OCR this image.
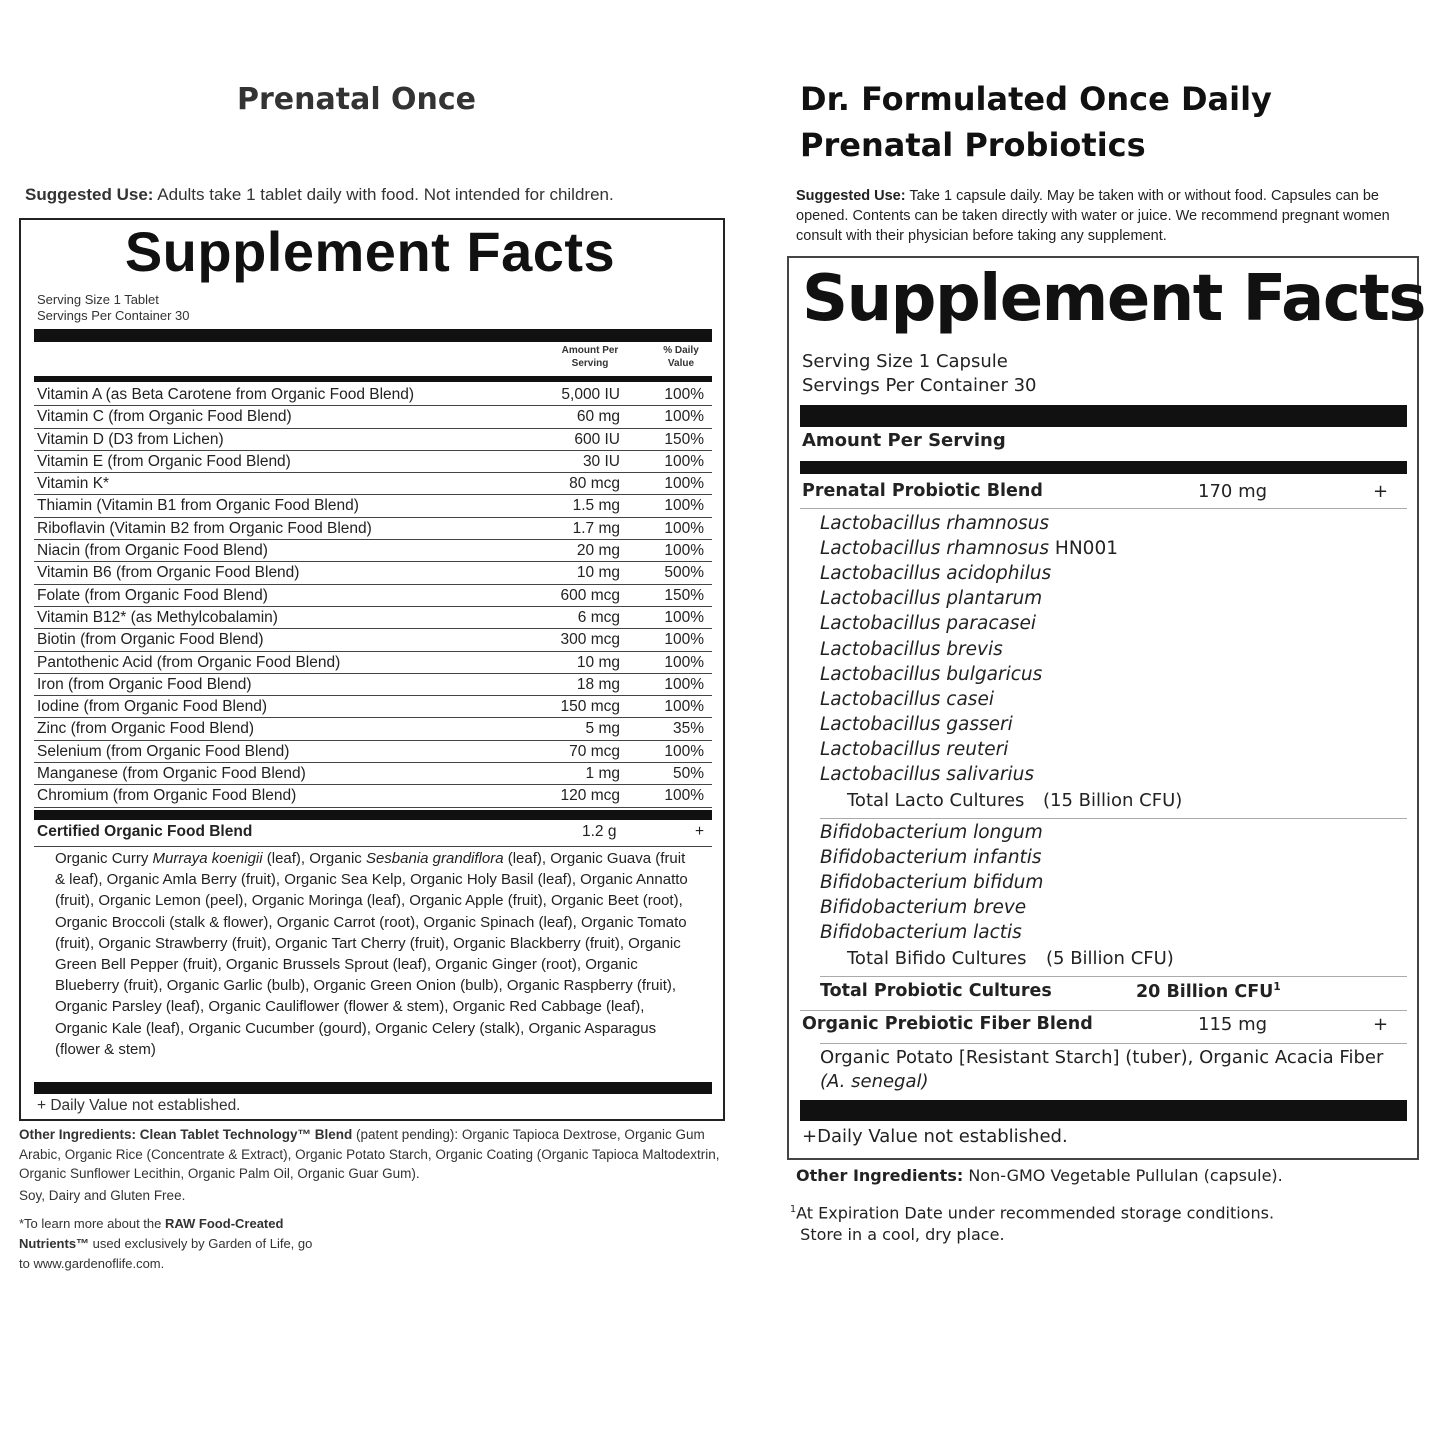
Prenatal Once
Suggested Use: Adults take 1 tablet daily with food. Not intended for children.
Supplement Facts
Serving Size 1 Tablet
Servings Per Container 30
Amount Per Serving
% Daily Value
Vitamin A (as Beta Carotene from Organic Food Blend)	5,000 IU	100%
Vitamin C (from Organic Food Blend)	60 mg	100%
Vitamin D (D3 from Lichen)	600 IU	150%
Vitamin E (from Organic Food Blend)	30 IU	100%
Vitamin K*	80 mcg	100%
Thiamin (Vitamin B1 from Organic Food Blend)	1.5 mg	100%
Riboflavin (Vitamin B2 from Organic Food Blend)	1.7 mg	100%
Niacin (from Organic Food Blend)	20 mg	100%
Vitamin B6 (from Organic Food Blend)	10 mg	500%
Folate (from Organic Food Blend)	600 mcg	150%
Vitamin B12* (as Methylcobalamin)	6 mcg	100%
Biotin (from Organic Food Blend)	300 mcg	100%
Pantothenic Acid (from Organic Food Blend)	10 mg	100%
Iron (from Organic Food Blend)	18 mg	100%
Iodine (from Organic Food Blend)	150 mcg	100%
Zinc (from Organic Food Blend)	5 mg	35%
Selenium (from Organic Food Blend)	70 mcg	100%
Manganese (from Organic Food Blend)	1 mg	50%
Chromium (from Organic Food Blend)	120 mcg	100%
Certified Organic Food Blend	1.2 g	+
Organic Curry Murraya koenigii (leaf), Organic Sesbania grandiflora (leaf), Organic Guava (fruit & leaf), Organic Amla Berry (fruit), Organic Sea Kelp, Organic Holy Basil (leaf), Organic Annatto (fruit), Organic Lemon (peel), Organic Moringa (leaf), Organic Apple (fruit), Organic Beet (root), Organic Broccoli (stalk & flower), Organic Carrot (root), Organic Spinach (leaf), Organic Tomato (fruit), Organic Strawberry (fruit), Organic Tart Cherry (fruit), Organic Blackberry (fruit), Organic Green Bell Pepper (fruit), Organic Brussels Sprout (leaf), Organic Ginger (root), Organic Blueberry (fruit), Organic Garlic (bulb), Organic Green Onion (bulb), Organic Raspberry (fruit), Organic Parsley (leaf), Organic Cauliflower (flower & stem), Organic Red Cabbage (leaf), Organic Kale (leaf), Organic Cucumber (gourd), Organic Celery (stalk), Organic Asparagus (flower & stem)
+ Daily Value not established.
Other Ingredients: Clean Tablet Technology™ Blend (patent pending): Organic Tapioca Dextrose, Organic Gum Arabic, Organic Rice (Concentrate & Extract), Organic Potato Starch, Organic Coating (Organic Tapioca Maltodextrin, Organic Sunflower Lecithin, Organic Palm Oil, Organic Guar Gum).
Soy, Dairy and Gluten Free.
*To learn more about the RAW Food-Created Nutrients™ used exclusively by Garden of Life, go to www.gardenoflife.com.
Dr. Formulated Once Daily Prenatal Probiotics
Suggested Use: Take 1 capsule daily. May be taken with or without food. Capsules can be opened. Contents can be taken directly with water or juice. We recommend pregnant women consult with their physician before taking any supplement.
Supplement Facts
Serving Size 1 Capsule
Servings Per Container 30
Amount Per Serving
Prenatal Probiotic Blend	170 mg	+
Lactobacillus rhamnosus
Lactobacillus rhamnosus HN001
Lactobacillus acidophilus
Lactobacillus plantarum
Lactobacillus paracasei
Lactobacillus brevis
Lactobacillus bulgaricus
Lactobacillus casei
Lactobacillus gasseri
Lactobacillus reuteri
Lactobacillus salivarius
Total Lacto Cultures (15 Billion CFU)
Bifidobacterium longum
Bifidobacterium infantis
Bifidobacterium bifidum
Bifidobacterium breve
Bifidobacterium lactis
Total Bifido Cultures (5 Billion CFU)
Total Probiotic Cultures	20 Billion CFU$^1$
Organic Prebiotic Fiber Blend	115 mg	+
Organic Potato [Resistant Starch] (tuber), Organic Acacia Fiber
(A. senegal)
+Daily Value not established.
Other Ingredients: Non-GMO Vegetable Pullulan (capsule).
$^1$At Expiration Date under recommended storage conditions.
Store in a cool, dry place.
